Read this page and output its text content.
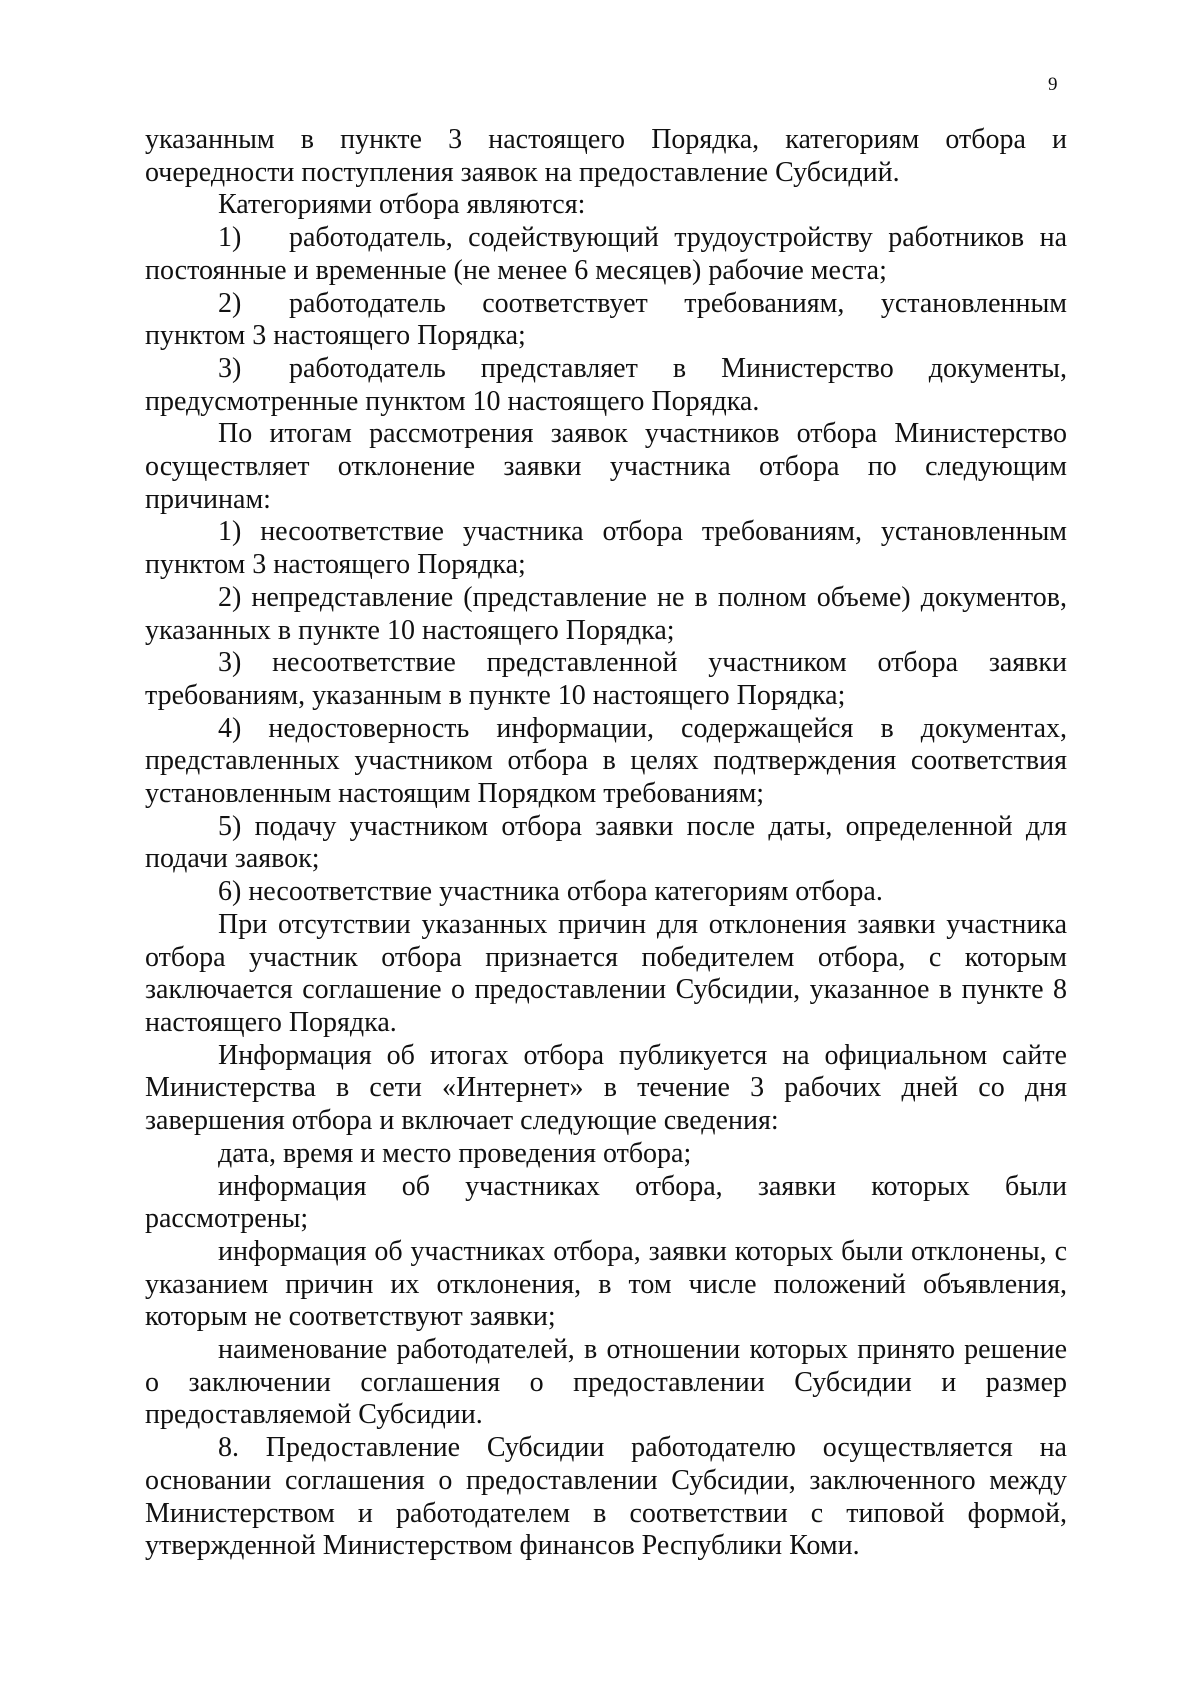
9

указанным в пункте 3 настоящего Порядка, категориям отбора и очередности поступления заявок на предоставление Субсидий.

Категориями отбора являются:

1) работодатель, содействующий трудоустройству работников на постоянные и временные (не менее 6 месяцев) рабочие места;

2) работодатель соответствует требованиям, установленным пунктом 3 настоящего Порядка;

3) работодатель представляет в Министерство документы, предусмотренные пунктом 10 настоящего Порядка.

По итогам рассмотрения заявок участников отбора Министерство осуществляет отклонение заявки участника отбора по следующим причинам:

1) несоответствие участника отбора требованиям, установленным пунктом 3 настоящего Порядка;

2) непредставление (представление не в полном объеме) документов, указанных в пункте 10 настоящего Порядка;

3) несоответствие представленной участником отбора заявки требованиям, указанным в пункте 10 настоящего Порядка;

4) недостоверность информации, содержащейся в документах, представленных участником отбора в целях подтверждения соответствия установленным настоящим Порядком требованиям;

5) подачу участником отбора заявки после даты, определенной для подачи заявок;

6) несоответствие участника отбора категориям отбора.

При отсутствии указанных причин для отклонения заявки участника отбора участник отбора признается победителем отбора, с которым заключается соглашение о предоставлении Субсидии, указанное в пункте 8 настоящего Порядка.

Информация об итогах отбора публикуется на официальном сайте Министерства в сети «Интернет» в течение 3 рабочих дней со дня завершения отбора и включает следующие сведения:

дата, время и место проведения отбора;

информация об участниках отбора, заявки которых были рассмотрены;

информация об участниках отбора, заявки которых были отклонены, с указанием причин их отклонения, в том числе положений объявления, которым не соответствуют заявки;

наименование работодателей, в отношении которых принято решение о заключении соглашения о предоставлении Субсидии и размер предоставляемой Субсидии.

8. Предоставление Субсидии работодателю осуществляется на основании соглашения о предоставлении Субсидии, заключенного между Министерством и работодателем в соответствии с типовой формой, утвержденной Министерством финансов Республики Коми.
